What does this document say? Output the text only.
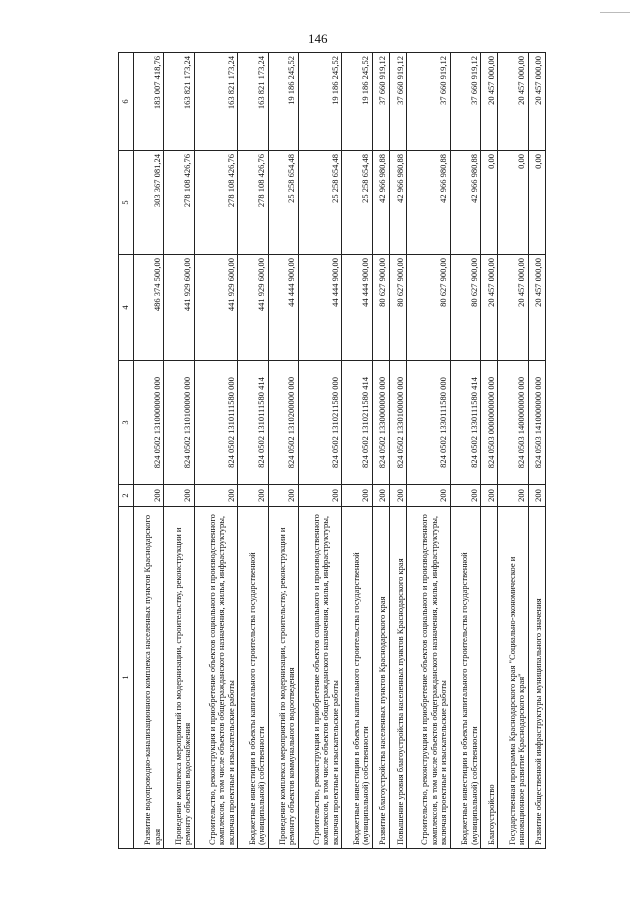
146
1	2	3	4	5	6
Развитие водопроводно-канализационного комплекса населенных пунктов Краснодарского края	200	824 0502 1310000000 000	486 374 500,00	303 367 081,24	183 007 418,76
Проведение комплекса мероприятий по модернизации, строительству, реконструкции и ремонту объектов водоснабжения	200	824 0502 1310100000 000	441 929 600,00	278 108 426,76	163 821 173,24
Строительство, реконструкция и приобретение объектов социального и производственного комплексов, в том числе объектов общегражданского назначения, жилья, инфраструктуры, включая проектные и изыскательские работы	200	824 0502 1310111580 000	441 929 600,00	278 108 426,76	163 821 173,24
Бюджетные инвестиции в объекты капитального строительства государственной (муниципальной) собственности	200	824 0502 1310111580 414	441 929 600,00	278 108 426,76	163 821 173,24
Проведение комплекса мероприятий по модернизации, строительству, реконструкции и ремонту объектов коммунального водоотведения	200	824 0502 1310200000 000	44 444 900,00	25 258 654,48	19 186 245,52
Строительство, реконструкция и приобретение объектов социального и производственного комплексов, в том числе объектов общегражданского назначения, жилья, инфраструктуры, включая проектные и изыскательские работы	200	824 0502 1310211580 000	44 444 900,00	25 258 654,48	19 186 245,52
Бюджетные инвестиции в объекты капитального строительства государственной (муниципальной) собственности	200	824 0502 1310211580 414	44 444 900,00	25 258 654,48	19 186 245,52
Развитие благоустройства населенных пунктов Краснодарского края	200	824 0502 1330000000 000	80 627 900,00	42 966 980,88	37 660 919,12
Повышение уровня благоустройства населенных пунктов Краснодарского края	200	824 0502 1330100000 000	80 627 900,00	42 966 980,88	37 660 919,12
Строительство, реконструкция и приобретение объектов социального и производственного комплексов, в том числе объектов общегражданского назначения, жилья, инфраструктуры, включая проектные и изыскательские работы	200	824 0502 1330111580 000	80 627 900,00	42 966 980,88	37 660 919,12
Бюджетные инвестиции в объекты капитального строительства государственной (муниципальной) собственности	200	824 0502 1330111580 414	80 627 900,00	42 966 980,88	37 660 919,12
Благоустройство	200	824 0503 0000000000 000	20 457 000,00	0,00	20 457 000,00
Государственная программа Краснодарского края "Социально-экономическое и инновационное развитие Краснодарского края"	200	824 0503 1400000000 000	20 457 000,00	0,00	20 457 000,00
Развитие общественной инфраструктуры муниципального значения	200	824 0503 1410000000 000	20 457 000,00	0,00	20 457 000,00
